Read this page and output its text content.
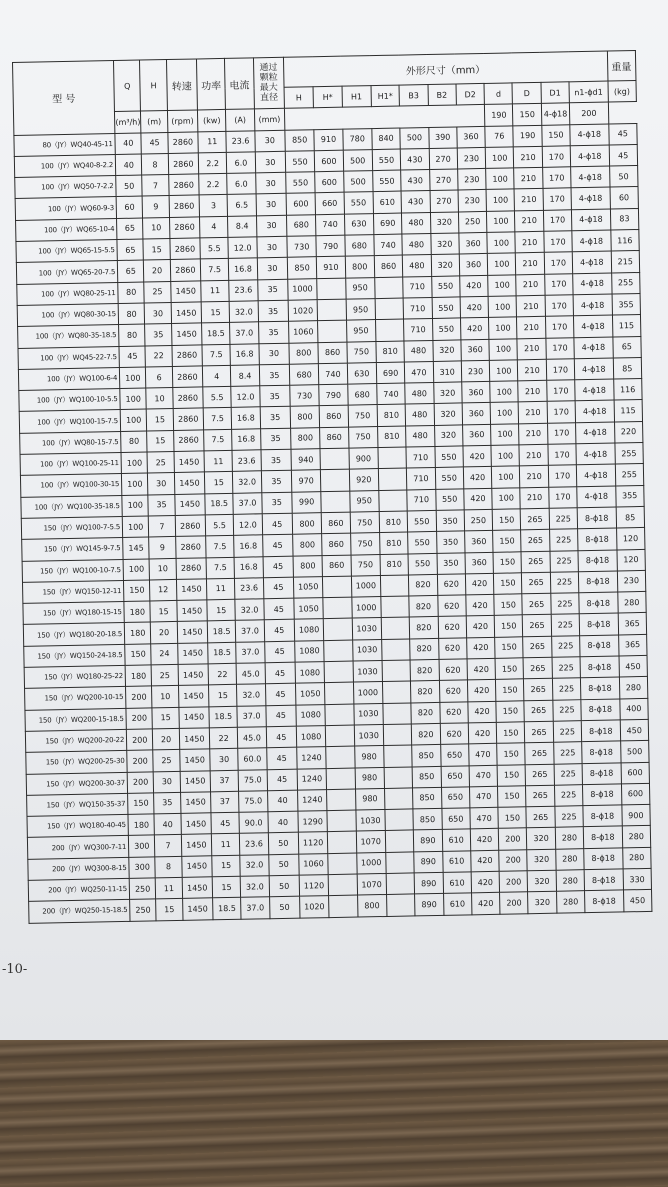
型 号	Q	H	转速	功率	电流	通过
颗粒
最大
直径	外形尺寸（mm）											重量
							H	H*	H1	H1*	B3	B2	D2	d	D	D1	n1-ϕd1	(kg)
	(m³/h)	(m)	(rpm)	(kw)	(A)	(mm)								190	150	4-ϕ18	200	
80（JY）WQ40-45-11	40	45	2860	11	23.6	30	850	910	780	840	500	390	360	76	190	150	4-ϕ18	45
100（JY）WQ40-8-2.2	40	8	2860	2.2	6.0	30	550	600	500	550	430	270	230	100	210	170	4-ϕ18	45
100（JY）WQ50-7-2.2	50	7	2860	2.2	6.0	30	550	600	500	550	430	270	230	100	210	170	4-ϕ18	50
100（JY）WQ60-9-3	60	9	2860	3	6.5	30	600	660	550	610	430	270	230	100	210	170	4-ϕ18	60
100（JY）WQ65-10-4	65	10	2860	4	8.4	30	680	740	630	690	480	320	250	100	210	170	4-ϕ18	83
100（JY）WQ65-15-5.5	65	15	2860	5.5	12.0	30	730	790	680	740	480	320	360	100	210	170	4-ϕ18	116
100（JY）WQ65-20-7.5	65	20	2860	7.5	16.8	30	850	910	800	860	480	320	360	100	210	170	4-ϕ18	215
100（JY）WQ80-25-11	80	25	1450	11	23.6	35	1000		950		710	550	420	100	210	170	4-ϕ18	255
100（JY）WQ80-30-15	80	30	1450	15	32.0	35	1020		950		710	550	420	100	210	170	4-ϕ18	355
100（JY）WQ80-35-18.5	80	35	1450	18.5	37.0	35	1060		950		710	550	420	100	210	170	4-ϕ18	115
100（JY）WQ45-22-7.5	45	22	2860	7.5	16.8	30	800	860	750	810	480	320	360	100	210	170	4-ϕ18	65
100（JY）WQ100-6-4	100	6	2860	4	8.4	35	680	740	630	690	470	310	230	100	210	170	4-ϕ18	85
100（JY）WQ100-10-5.5	100	10	2860	5.5	12.0	35	730	790	680	740	480	320	360	100	210	170	4-ϕ18	116
100（JY）WQ100-15-7.5	100	15	2860	7.5	16.8	35	800	860	750	810	480	320	360	100	210	170	4-ϕ18	115
100（JY）WQ80-15-7.5	80	15	2860	7.5	16.8	35	800	860	750	810	480	320	360	100	210	170	4-ϕ18	220
100（JY）WQ100-25-11	100	25	1450	11	23.6	35	940		900		710	550	420	100	210	170	4-ϕ18	255
100（JY）WQ100-30-15	100	30	1450	15	32.0	35	970		920		710	550	420	100	210	170	4-ϕ18	255
100（JY）WQ100-35-18.5	100	35	1450	18.5	37.0	35	990		950		710	550	420	100	210	170	4-ϕ18	355
150（JY）WQ100-7-5.5	100	7	2860	5.5	12.0	45	800	860	750	810	550	350	250	150	265	225	8-ϕ18	85
150（JY）WQ145-9-7.5	145	9	2860	7.5	16.8	45	800	860	750	810	550	350	360	150	265	225	8-ϕ18	120
150（JY）WQ100-10-7.5	100	10	2860	7.5	16.8	45	800	860	750	810	550	350	360	150	265	225	8-ϕ18	120
150（JY）WQ150-12-11	150	12	1450	11	23.6	45	1050		1000		820	620	420	150	265	225	8-ϕ18	230
150（JY）WQ180-15-15	180	15	1450	15	32.0	45	1050		1000		820	620	420	150	265	225	8-ϕ18	280
150（JY）WQ180-20-18.5	180	20	1450	18.5	37.0	45	1080		1030		820	620	420	150	265	225	8-ϕ18	365
150（JY）WQ150-24-18.5	150	24	1450	18.5	37.0	45	1080		1030		820	620	420	150	265	225	8-ϕ18	365
150（JY）WQ180-25-22	180	25	1450	22	45.0	45	1080		1030		820	620	420	150	265	225	8-ϕ18	450
150（JY）WQ200-10-15	200	10	1450	15	32.0	45	1050		1000		820	620	420	150	265	225	8-ϕ18	280
150（JY）WQ200-15-18.5	200	15	1450	18.5	37.0	45	1080		1030		820	620	420	150	265	225	8-ϕ18	400
150（JY）WQ200-20-22	200	20	1450	22	45.0	45	1080		1030		820	620	420	150	265	225	8-ϕ18	450
150（JY）WQ200-25-30	200	25	1450	30	60.0	45	1240		980		850	650	470	150	265	225	8-ϕ18	500
150（JY）WQ200-30-37	200	30	1450	37	75.0	45	1240		980		850	650	470	150	265	225	8-ϕ18	600
150（JY）WQ150-35-37	150	35	1450	37	75.0	40	1240		980		850	650	470	150	265	225	8-ϕ18	600
150（JY）WQ180-40-45	180	40	1450	45	90.0	40	1290		1030		850	650	470	150	265	225	8-ϕ18	900
200（JY）WQ300-7-11	300	7	1450	11	23.6	50	1120		1070		890	610	420	200	320	280	8-ϕ18	280
200（JY）WQ300-8-15	300	8	1450	15	32.0	50	1060		1000		890	610	420	200	320	280	8-ϕ18	280
200（JY）WQ250-11-15	250	11	1450	15	32.0	50	1120		1070		890	610	420	200	320	280	8-ϕ18	330
200（JY）WQ250-15-18.5	250	15	1450	18.5	37.0	50	1020		800		890	610	420	200	320	280	8-ϕ18	450
-10-
